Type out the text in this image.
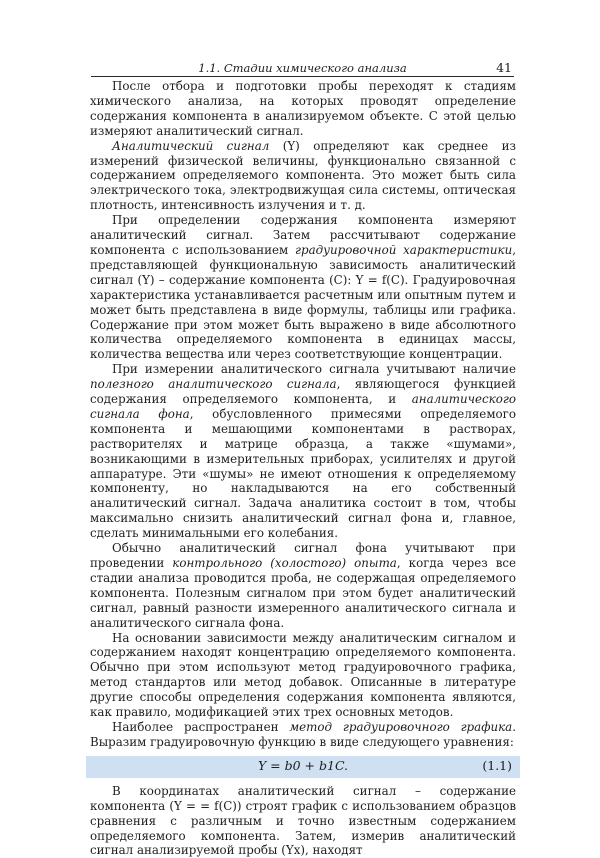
1.1. Стадии химического анализа	41

После отбора и подготовки пробы переходят к стадиям химического анализа, на которых проводят определение содержания компонента в анализируемом объекте. С этой целью измеряют аналитический сигнал.

Аналитический сигнал (Y) определяют как среднее из измерений физической величины, функционально связанной с содержанием определяемого компонента. Это может быть сила электрического тока, электродвижущая сила системы, оптическая плотность, интенсивность излучения и т. д.

При определении содержания компонента измеряют аналитический сигнал. Затем рассчитывают содержание компонента с использованием градуировочной характеристики, представляющей функциональную зависимость аналитический сигнал (Y) – содержание компонента (C): Y = f(C). Градуировочная характеристика устанавливается расчетным или опытным путем и может быть представлена в виде формулы, таблицы или графика. Содержание при этом может быть выражено в виде абсолютного количества определяемого компонента в единицах массы, количества вещества или через соответствующие концентрации.

При измерении аналитического сигнала учитывают наличие полезного аналитического сигнала, являющегося функцией содержания определяемого компонента, и аналитического сигнала фона, обусловленного примесями определяемого компонента и мешающими компонентами в растворах, растворителях и матрице образца, а также «шумами», возникающими в измерительных приборах, усилителях и другой аппаратуре. Эти «шумы» не имеют отношения к определяемому компоненту, но накладываются на его собственный аналитический сигнал. Задача аналитика состоит в том, чтобы максимально снизить аналитический сигнал фона и, главное, сделать минимальными его колебания.

Обычно аналитический сигнал фона учитывают при проведении контрольного (холостого) опыта, когда через все стадии анализа проводится проба, не содержащая определяемого компонента. Полезным сигналом при этом будет аналитический сигнал, равный разности измеренного аналитического сигнала и аналитического сигнала фона.

На основании зависимости между аналитическим сигналом и содержанием находят концентрацию определяемого компонента. Обычно при этом используют метод градуировочного графика, метод стандартов или метод добавок. Описанные в литературе другие способы определения содержания компонента являются, как правило, модификацией этих трех основных методов.

Наиболее распространен метод градуировочного графика. Выразим градуировочную функцию в виде следующего уравнения:

Y = b0 + b1C.	(1.1)

В координатах аналитический сигнал – содержание компонента (Y = = f(C)) строят график с использованием образцов сравнения с различным и точно известным содержанием определяемого компонента. Затем, измерив аналитический сигнал анализируемой пробы (Yx), находят
